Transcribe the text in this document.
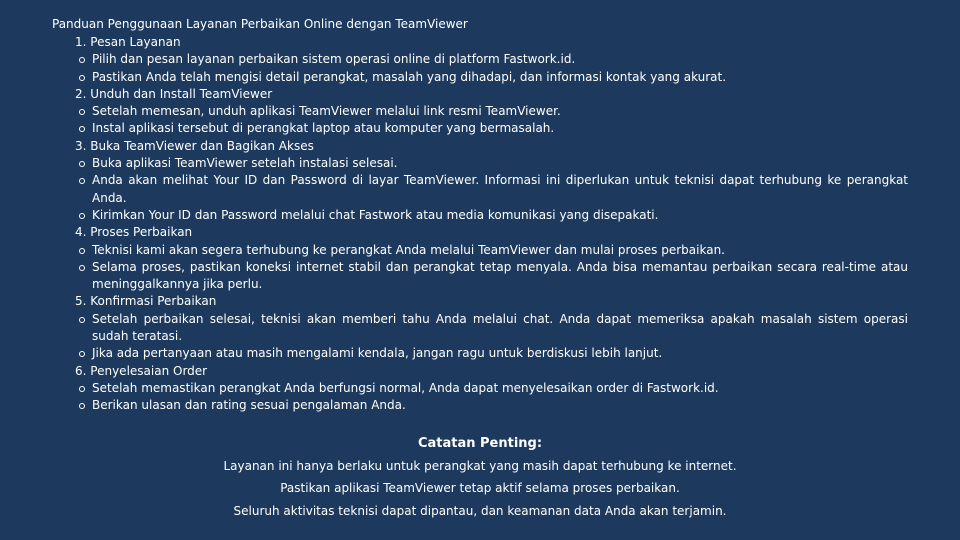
Panduan Penggunaan Layanan Perbaikan Online dengan TeamViewer
Pesan Layanan
Pilih dan pesan layanan perbaikan sistem operasi online di platform Fastwork.id.
Pastikan Anda telah mengisi detail perangkat, masalah yang dihadapi, dan informasi kontak yang akurat.
Unduh dan Install TeamViewer
Setelah memesan, unduh aplikasi TeamViewer melalui link resmi TeamViewer.
Instal aplikasi tersebut di perangkat laptop atau komputer yang bermasalah.
Buka TeamViewer dan Bagikan Akses
Buka aplikasi TeamViewer setelah instalasi selesai.
Anda akan melihat Your ID dan Password di layar TeamViewer. Informasi ini diperlukan untuk teknisi dapat terhubung ke perangkat Anda.
Kirimkan Your ID dan Password melalui chat Fastwork atau media komunikasi yang disepakati.
Proses Perbaikan
Teknisi kami akan segera terhubung ke perangkat Anda melalui TeamViewer dan mulai proses perbaikan.
Selama proses, pastikan koneksi internet stabil dan perangkat tetap menyala. Anda bisa memantau perbaikan secara real-time atau meninggalkannya jika perlu.
Konfirmasi Perbaikan
Setelah perbaikan selesai, teknisi akan memberi tahu Anda melalui chat. Anda dapat memeriksa apakah masalah sistem operasi sudah teratasi.
Jika ada pertanyaan atau masih mengalami kendala, jangan ragu untuk berdiskusi lebih lanjut.
Penyelesaian Order
Setelah memastikan perangkat Anda berfungsi normal, Anda dapat menyelesaikan order di Fastwork.id.
Berikan ulasan dan rating sesuai pengalaman Anda.
Catatan Penting:
Layanan ini hanya berlaku untuk perangkat yang masih dapat terhubung ke internet.
Pastikan aplikasi TeamViewer tetap aktif selama proses perbaikan.
Seluruh aktivitas teknisi dapat dipantau, dan keamanan data Anda akan terjamin.
